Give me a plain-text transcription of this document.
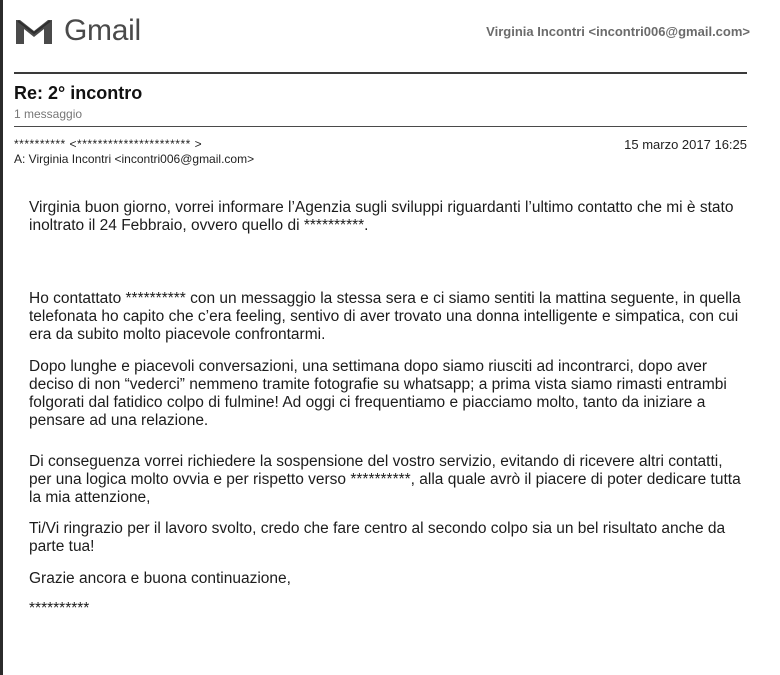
Gmail	Virginia Incontri <incontri006@gmail.com>
Re: 2° incontro
1 messaggio
********** <********************** >
A: Virginia Incontri <incontri006@gmail.com>
15 marzo 2017 16:25

Virginia buon giorno, vorrei informare l’Agenzia sugli sviluppi riguardanti l’ultimo contatto che mi è stato inoltrato il 24 Febbraio, ovvero quello di **********.

Ho contattato ********** con un messaggio la stessa sera e ci siamo sentiti la mattina seguente, in quella telefonata ho capito che c’era feeling, sentivo di aver trovato una donna intelligente e simpatica, con cui era da subito molto piacevole confrontarmi.

Dopo lunghe e piacevoli conversazioni, una settimana dopo siamo riusciti ad incontrarci, dopo aver deciso di non “vederci” nemmeno tramite fotografie su whatsapp; a prima vista siamo rimasti entrambi folgorati dal fatidico colpo di fulmine! Ad oggi ci frequentiamo e piacciamo molto, tanto da iniziare a pensare ad una relazione.

Di conseguenza vorrei richiedere la sospensione del vostro servizio, evitando di ricevere altri contatti, per una logica molto ovvia e per rispetto verso **********, alla quale avrò il piacere di poter dedicare tutta la mia attenzione,

Ti/Vi ringrazio per il lavoro svolto, credo che fare centro al secondo colpo sia un bel risultato anche da parte tua!

Grazie ancora e buona continuazione,

**********
